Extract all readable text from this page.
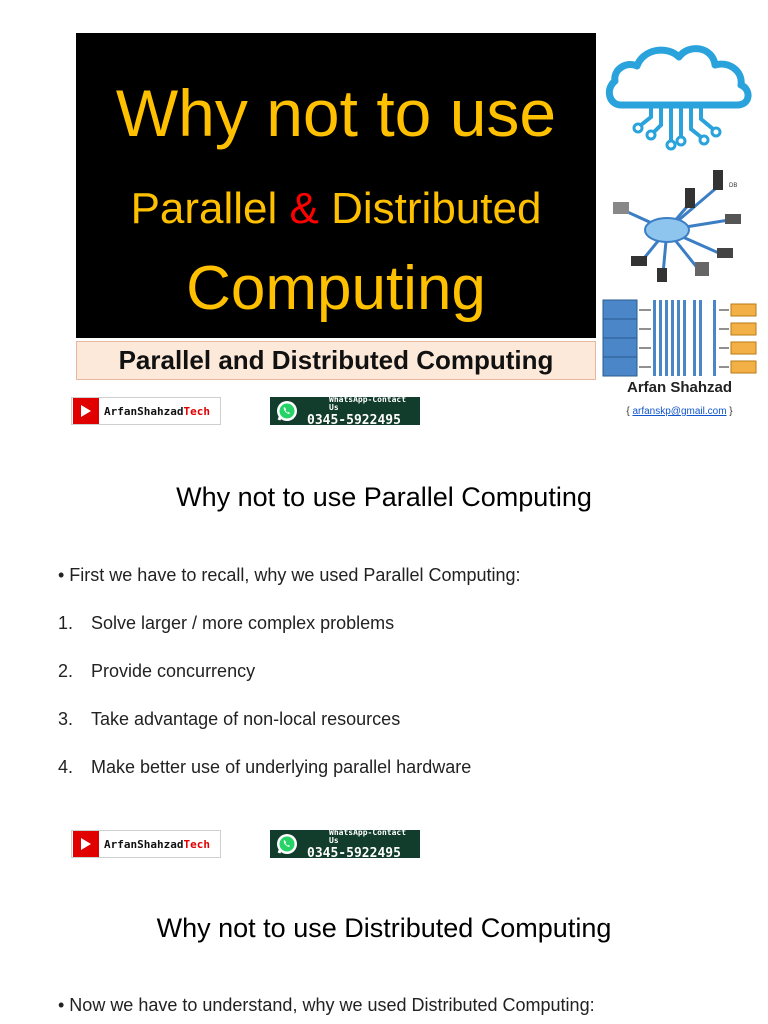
Why not to use
Parallel & Distributed
Computing
Parallel and Distributed Computing
DB
Arfan Shahzad
{ arfanskp@gmail.com }
ArfanShahzadTech
WhatsApp-Contact Us
0345-5922495
Why not to use Parallel Computing
• First we have to recall, why we used Parallel Computing:
1. Solve larger / more complex problems
2. Provide concurrency
3. Take advantage of non-local resources
4. Make better use of underlying parallel hardware
ArfanShahzadTech
WhatsApp-Contact Us
0345-5922495
Why not to use Distributed Computing
• Now we have to understand, why we used Distributed Computing:
